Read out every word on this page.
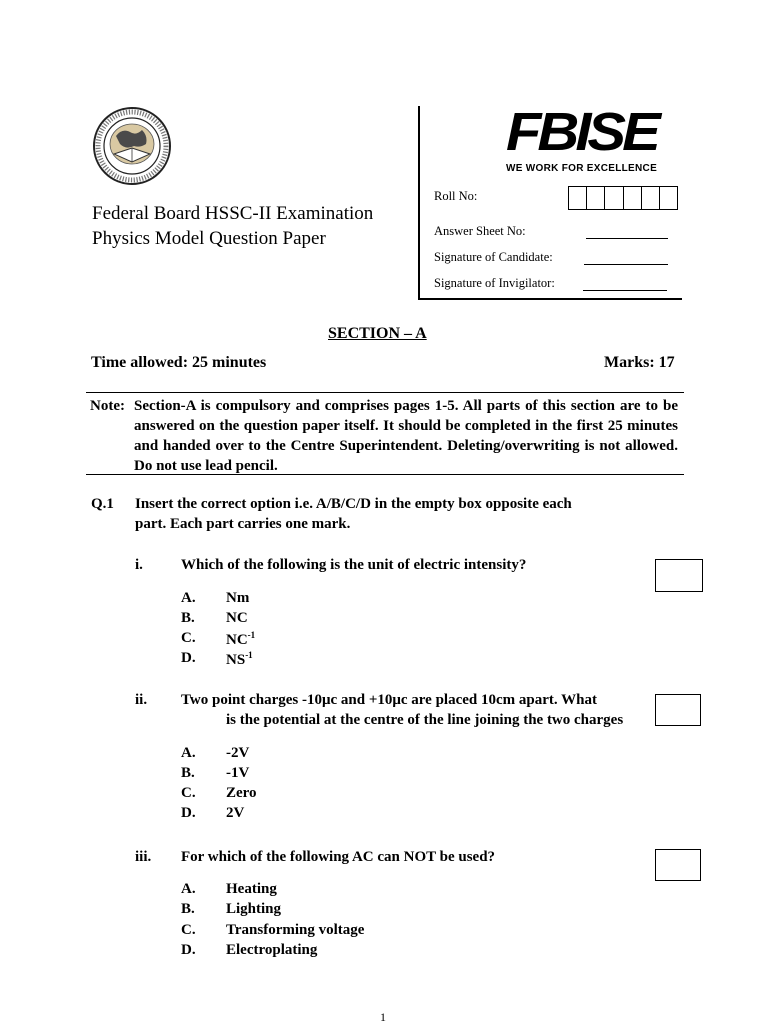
Federal Board HSSC-II Examination
Physics Model Question Paper
FBISE
WE WORK FOR EXCELLENCE
Roll No:
Answer Sheet No:
Signature of Candidate:
Signature of Invigilator:
SECTION – A
Time allowed: 25 minutes	Marks: 17
Note: Section-A is compulsory and comprises pages 1-5. All parts of this section are to be answered on the question paper itself. It should be completed in the first 25 minutes and handed over to the Centre Superintendent. Deleting/overwriting is not allowed. Do not use lead pencil.
Q.1 Insert the correct option i.e. A/B/C/D in the empty box opposite each
part. Each part carries one mark.
i.	Which of the following is the unit of electric intensity?
A. Nm
B. NC
C. $NC^{-1}$
D. $NS^{-1}$
ii. Two point charges -10μc and +10μc are placed 10cm apart. What
is the potential at the centre of the line joining the two charges
A. -2V
B. -1V
C. Zero
D. 2V
iii. For which of the following AC can NOT be used?
A. Heating
B. Lighting
C. Transforming voltage
D. Electroplating
1
